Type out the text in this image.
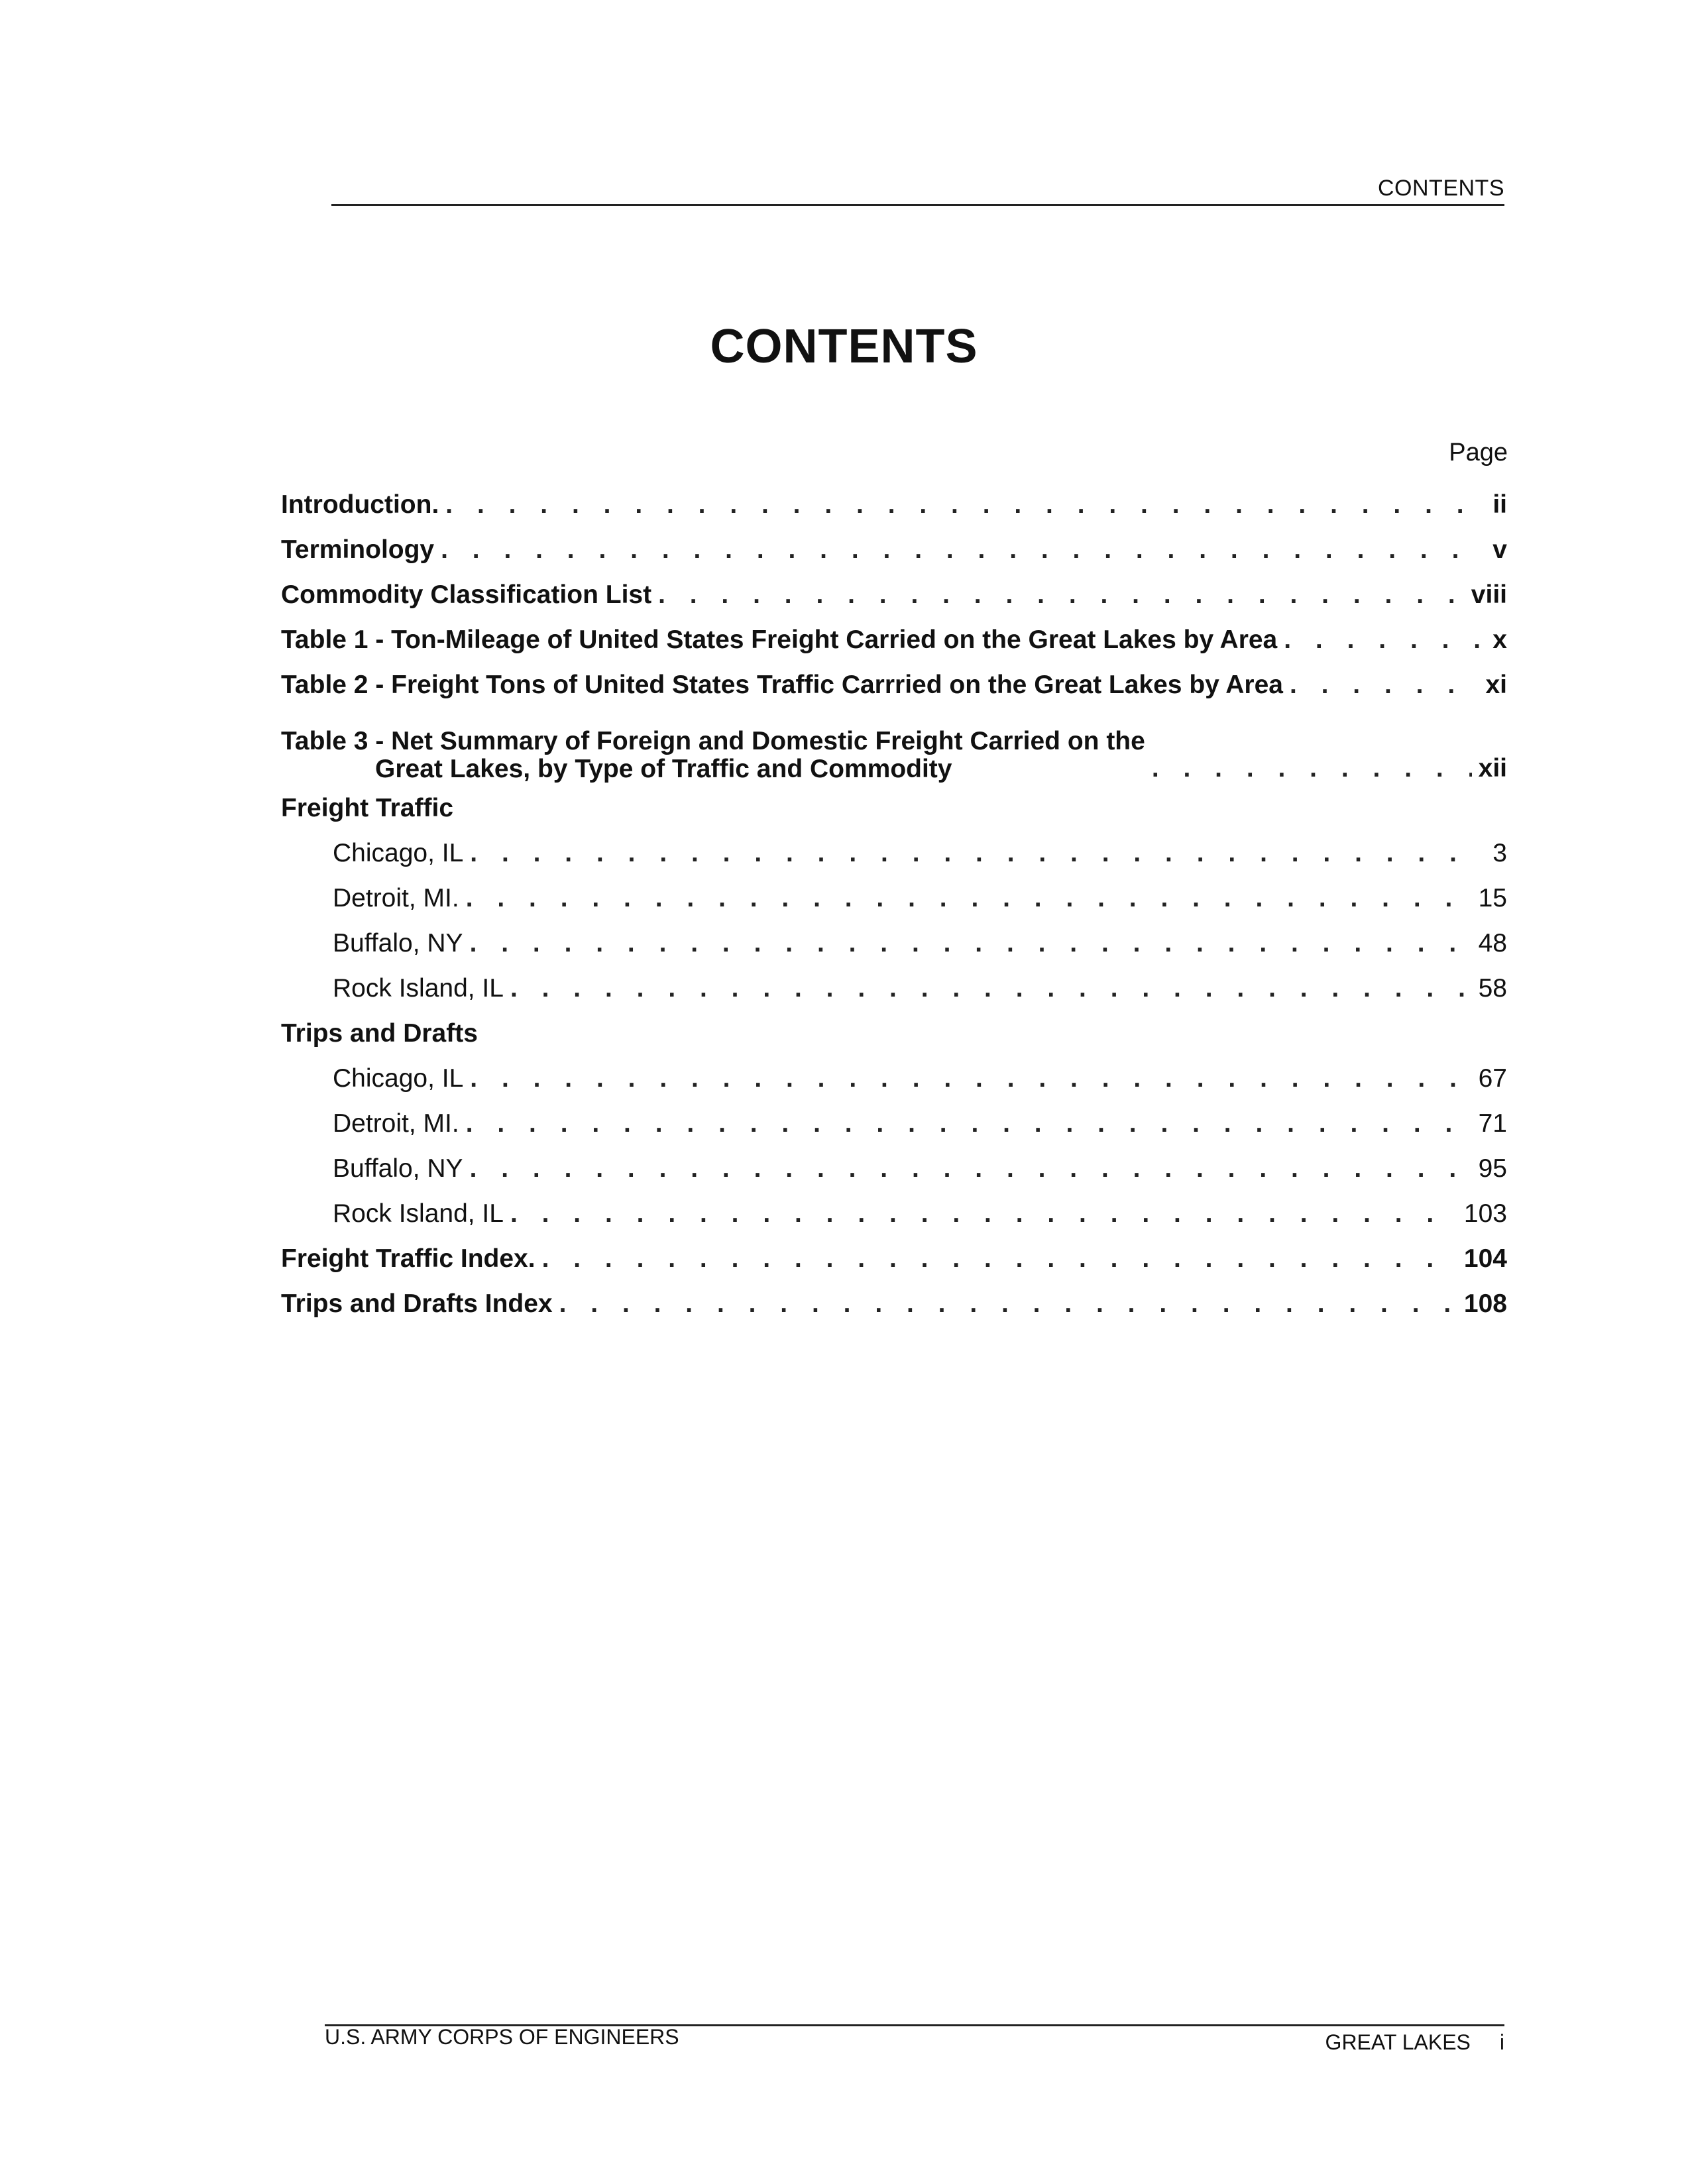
CONTENTS
CONTENTS
Page
Introduction. . . .	ii
Terminology . . .	v
Commodity Classification List . . .	viii
Table 1 - Ton-Mileage of United States Freight Carried on the Great Lakes by Area . . .	x
Table 2 - Freight Tons of United States Traffic Carrried on the Great Lakes by Area . . .	xi
Table 3 - Net Summary of Foreign and Domestic Freight Carried on the
Great Lakes, by Type of Traffic and Commodity . . .	xii
Freight Traffic
Chicago, IL . . .	3
Detroit, MI. . . .	15
Buffalo, NY . . .	48
Rock Island, IL . . .	58
Trips and Drafts
Chicago, IL . . .	67
Detroit, MI. . . .	71
Buffalo, NY . . .	95
Rock Island, IL . . .	103
Freight Traffic Index. . . .	104
Trips and Drafts Index . . .	108
U.S. ARMY CORPS OF ENGINEERS	GREAT LAKES i
